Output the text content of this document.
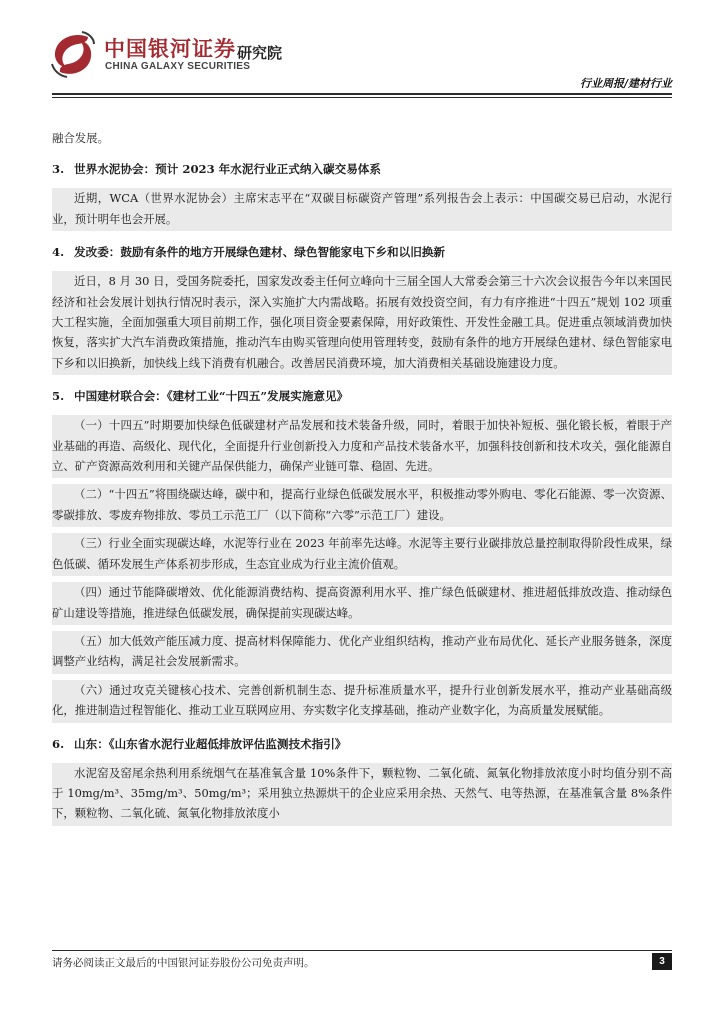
中国银河证券
CHINA GALAXY SECURITIES
研究院
行业周报/建材行业

融合发展。

3. 世界水泥协会：预计 2023 年水泥行业正式纳入碳交易体系

近期，WCA（世界水泥协会）主席宋志平在“双碳目标碳资产管理”系列报告会上表示：中国碳交易已启动，水泥行业，预计明年也会开展。

4. 发改委：鼓励有条件的地方开展绿色建材、绿色智能家电下乡和以旧换新

近日，8 月 30 日，受国务院委托，国家发改委主任何立峰向十三届全国人大常委会第三十六次会议报告今年以来国民经济和社会发展计划执行情况时表示，深入实施扩大内需战略。拓展有效投资空间，有力有序推进“十四五”规划 102 项重大工程实施，全面加强重大项目前期工作，强化项目资金要素保障，用好政策性、开发性金融工具。促进重点领域消费加快恢复，落实扩大汽车消费政策措施，推动汽车由购买管理向使用管理转变，鼓励有条件的地方开展绿色建材、绿色智能家电下乡和以旧换新，加快线上线下消费有机融合。改善居民消费环境，加大消费相关基础设施建设力度。

5. 中国建材联合会：《建材工业“十四五”发展实施意见》

（一）十四五”时期要加快绿色低碳建材产品发展和技术装备升级，同时，着眼于加快补短板、强化锻长板，着眼于产业基础的再造、高级化、现代化，全面提升行业创新投入力度和产品技术装备水平，加强科技创新和技术攻关，强化能源自立、矿产资源高效利用和关键产品保供能力，确保产业链可靠、稳固、先进。

（二）“十四五”将围绕碳达峰，碳中和，提高行业绿色低碳发展水平，积极推动零外购电、零化石能源、零一次资源、零碳排放、零废弃物排放、零员工示范工厂（以下简称“六零”示范工厂）建设。

（三）行业全面实现碳达峰，水泥等行业在 2023 年前率先达峰。水泥等主要行业碳排放总量控制取得阶段性成果，绿色低碳、循环发展生产体系初步形成，生态宜业成为行业主流价值观。

（四）通过节能降碳增效、优化能源消费结构、提高资源利用水平、推广绿色低碳建材、推进超低排放改造、推动绿色矿山建设等措施，推进绿色低碳发展，确保提前实现碳达峰。

（五）加大低效产能压减力度、提高材料保障能力、优化产业组织结构，推动产业布局优化、延长产业服务链条，深度调整产业结构，满足社会发展新需求。

（六）通过攻克关键核心技术、完善创新机制生态、提升标准质量水平，提升行业创新发展水平，推动产业基础高级化，推进制造过程智能化、推动工业互联网应用、夯实数字化支撑基础，推动产业数字化，为高质量发展赋能。

6. 山东：《山东省水泥行业超低排放评估监测技术指引》

水泥窑及窑尾余热利用系统烟气在基准氧含量 10%条件下，颗粒物、二氧化硫、氮氧化物排放浓度小时均值分别不高于 10mg/m³、35mg/m³、50mg/m³；采用独立热源烘干的企业应采用余热、天然气、电等热源，在基准氧含量 8%条件下，颗粒物、二氧化硫、氮氧化物排放浓度小

请务必阅读正文最后的中国银河证券股份公司免责声明。	3
